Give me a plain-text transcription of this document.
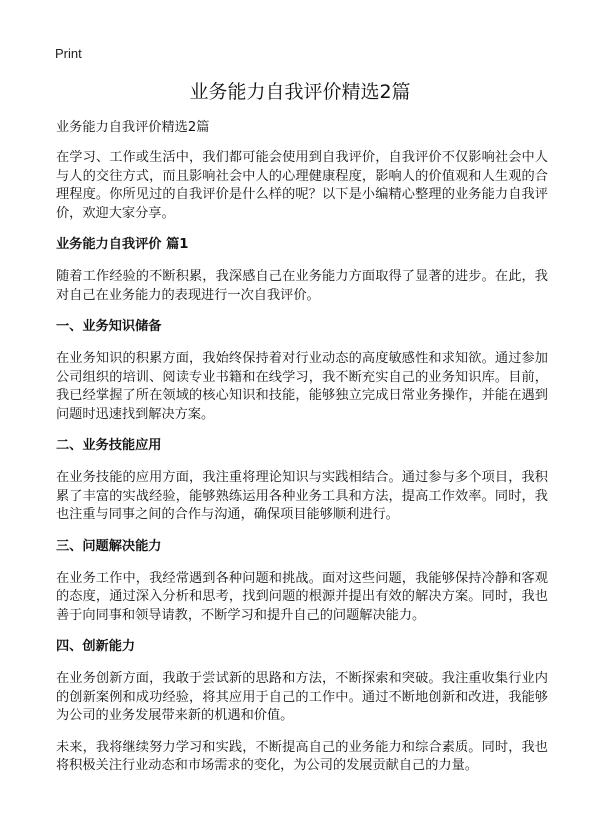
Print
业务能力自我评价精选2篇

业务能力自我评价精选2篇

在学习、工作或生活中，我们都可能会使用到自我评价，自我评价不仅影响社会中人与人的交往方式，而且影响社会中人的心理健康程度，影响人的价值观和人生观的合理程度。你所见过的自我评价是什么样的呢？以下是小编精心整理的业务能力自我评价，欢迎大家分享。

业务能力自我评价 篇1

随着工作经验的不断积累，我深感自己在业务能力方面取得了显著的进步。在此，我对自己在业务能力的表现进行一次自我评价。

一、业务知识储备

在业务知识的积累方面，我始终保持着对行业动态的高度敏感性和求知欲。通过参加公司组织的培训、阅读专业书籍和在线学习，我不断充实自己的业务知识库。目前，我已经掌握了所在领域的核心知识和技能，能够独立完成日常业务操作，并能在遇到问题时迅速找到解决方案。

二、业务技能应用

在业务技能的应用方面，我注重将理论知识与实践相结合。通过参与多个项目，我积累了丰富的实战经验，能够熟练运用各种业务工具和方法，提高工作效率。同时，我也注重与同事之间的合作与沟通，确保项目能够顺利进行。

三、问题解决能力

在业务工作中，我经常遇到各种问题和挑战。面对这些问题，我能够保持冷静和客观的态度，通过深入分析和思考，找到问题的根源并提出有效的解决方案。同时，我也善于向同事和领导请教，不断学习和提升自己的问题解决能力。

四、创新能力

在业务创新方面，我敢于尝试新的思路和方法，不断探索和突破。我注重收集行业内的创新案例和成功经验，将其应用于自己的工作中。通过不断地创新和改进，我能够为公司的业务发展带来新的机遇和价值。

未来，我将继续努力学习和实践，不断提高自己的业务能力和综合素质。同时，我也将积极关注行业动态和市场需求的变化，为公司的发展贡献自己的力量。
